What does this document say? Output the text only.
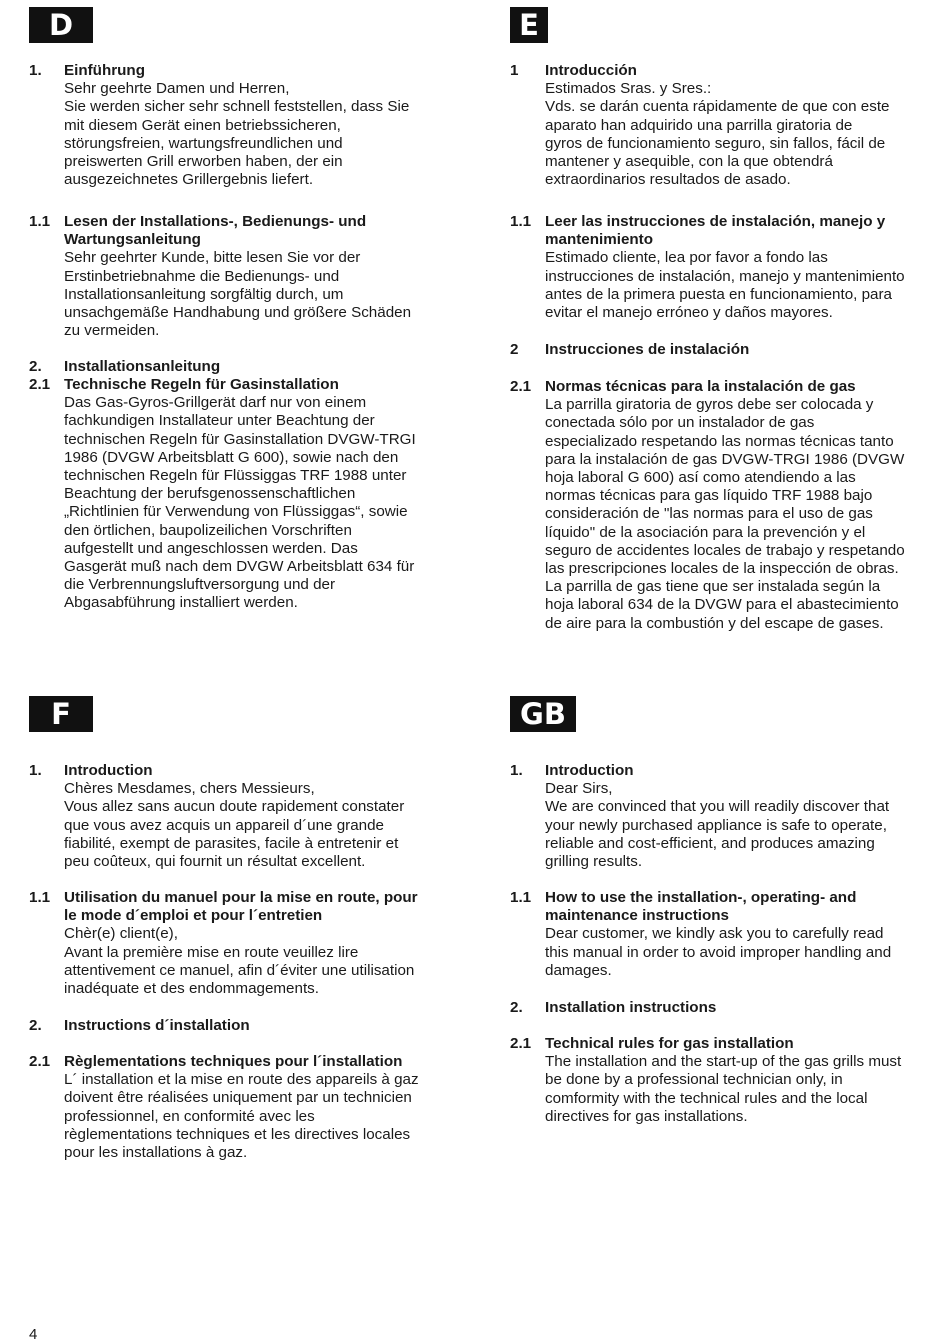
D
1.	Einführung
Sehr geehrte Damen und Herren,
Sie werden sicher sehr schnell feststellen, dass Sie
mit diesem Gerät einen betriebssicheren,
störungsfreien, wartungsfreundlichen und
preiswerten Grill erworben haben, der ein
ausgezeichnetes Grillergebnis liefert.
1.1 Lesen der Installations-, Bedienungs- und
Wartungsanleitung
Sehr geehrter Kunde, bitte lesen Sie vor der
Erstinbetriebnahme die Bedienungs- und
Installationsanleitung sorgfältig durch, um
unsachgemäße Handhabung und größere Schäden
zu vermeiden.
2.	Installationsanleitung
2.1 Technische Regeln für Gasinstallation
Das Gas-Gyros-Grillgerät darf nur von einem
fachkundigen Installateur unter Beachtung der
technischen Regeln für Gasinstallation DVGW-TRGI
1986 (DVGW Arbeitsblatt G 600), sowie nach den
technischen Regeln für Flüssiggas TRF 1988 unter
Beachtung der berufsgenossenschaftlichen
„Richtlinien für Verwendung von Flüssiggas“, sowie
den örtlichen, baupolizeilichen Vorschriften
aufgestellt und angeschlossen werden. Das
Gasgerät muß nach dem DVGW Arbeitsblatt 634 für
die Verbrennungsluftversorgung und der
Abgasabführung installiert werden.
E
1	Introducción
Estimados Sras. y Sres.:
Vds. se darán cuenta rápidamente de que con este
aparato han adquirido una parrilla giratoria de
gyros de funcionamiento seguro, sin fallos, fácil de
mantener y asequible, con la que obtendrá
extraordinarios resultados de asado.
1.1 Leer las instrucciones de instalación, manejo y
mantenimiento
Estimado cliente, lea por favor a fondo las
instrucciones de instalación, manejo y mantenimiento
antes de la primera puesta en funcionamiento, para
evitar el manejo erróneo y daños mayores.
2	Instrucciones de instalación
2.1 Normas técnicas para la instalación de gas
La parrilla giratoria de gyros debe ser colocada y
conectada sólo por un instalador de gas
especializado respetando las normas técnicas tanto
para la instalación de gas DVGW-TRGI 1986 (DVGW
hoja laboral G 600) así como atendiendo a las
normas técnicas para gas líquido TRF 1988 bajo
consideración de "las normas para el uso de gas
líquido" de la asociación para la prevención y el
seguro de accidentes locales de trabajo y respetando
las prescripciones locales de la inspección de obras.
La parrilla de gas tiene que ser instalada según la
hoja laboral 634 de la DVGW para el abastecimiento
de aire para la combustión y del escape de gases.
F
1.	Introduction
Chères Mesdames, chers Messieurs,
Vous allez sans aucun doute rapidement constater
que vous avez acquis un appareil d´une grande
fiabilité, exempt de parasites, facile à entretenir et
peu coûteux, qui fournit un résultat excellent.
1.1 Utilisation du manuel pour la mise en route, pour
le mode d´emploi et pour l´entretien
Chèr(e) client(e),
Avant la première mise en route veuillez lire
attentivement ce manuel, afin d´éviter une utilisation
inadéquate et des endommagements.
2.	Instructions d´installation
2.1 Règlementations techniques pour l´installation
L´ installation et la mise en route des appareils à gaz
doivent être réalisées uniquement par un technicien
professionnel, en conformité avec les
règlementations techniques et les directives locales
pour les installations à gaz.
GB
1.	Introduction
Dear Sirs,
We are convinced that you will readily discover that
your newly purchased appliance is safe to operate,
reliable and cost-efficient, and produces amazing
grilling results.
1.1 How to use the installation-, operating- and
maintenance instructions
Dear customer, we kindly ask you to carefully read
this manual in order to avoid improper handling and
damages.
2.	Installation instructions
2.1 Technical rules for gas installation
The installation and the start-up of the gas grills must
be done by a professional technician only, in
comformity with the technical rules and the local
directives for gas installations.
4
